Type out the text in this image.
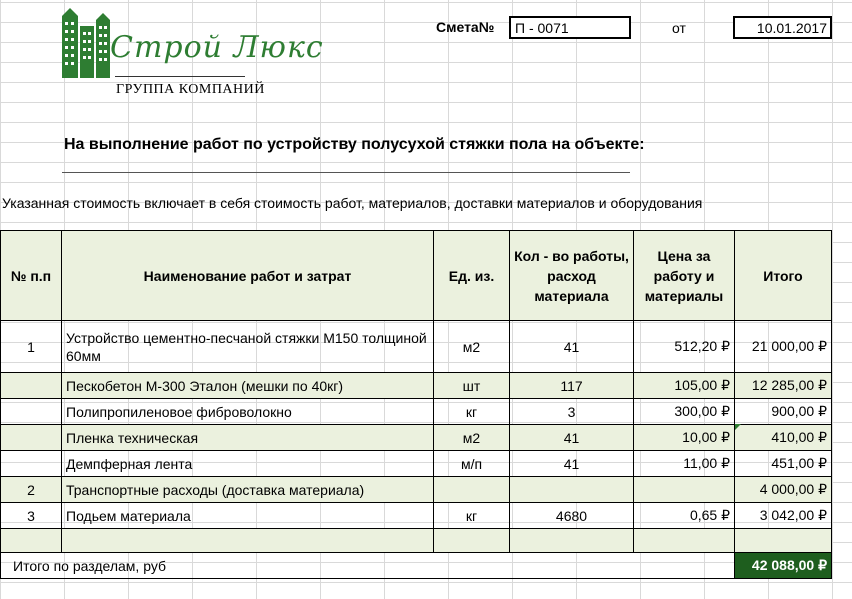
Строй Люкс
ГРУППА КОМПАНИЙ
Смета№	П - 0071	от	10.01.2017
На выполнение работ по устройству полусухой стяжки пола на объекте:
Указанная стоимость включает в себя стоимость работ, материалов, доставки материалов и оборудования
№ п.п	Наименование работ и затрат	Ед. из.	Кол - во работы, расход материала	Цена за работу и материалы	Итого
1	Устройство цементно-песчаной стяжки М150 толщиной 60мм	м2	41	512,20 ₽	21 000,00 ₽
	Пескобетон М-300 Эталон (мешки по 40кг)	шт	117	105,00 ₽	12 285,00 ₽
	Полипропиленовое фиброволокно	кг	3	300,00 ₽	900,00 ₽
	Пленка техническая	м2	41	10,00 ₽	410,00 ₽
	Демпферная лента	м/п	41	11,00 ₽	451,00 ₽
2	Транспортные расходы (доставка материала)				4 000,00 ₽
3	Подьем материала	кг	4680	0,65 ₽	3 042,00 ₽

Итого по разделам, руб					42 088,00 ₽
